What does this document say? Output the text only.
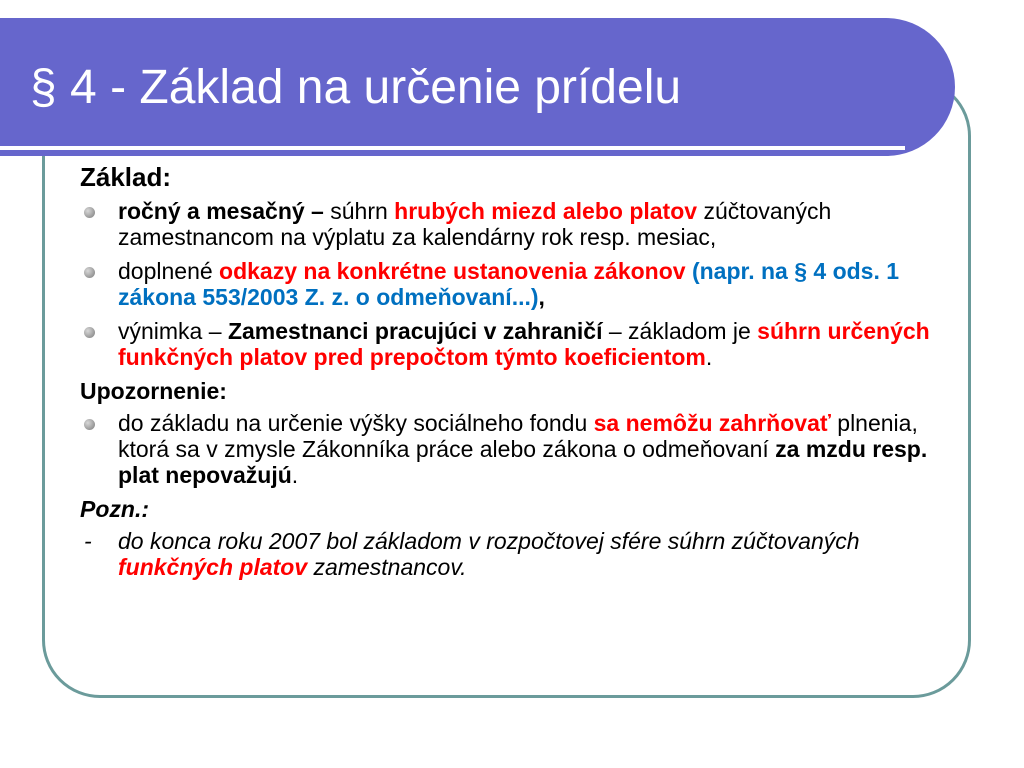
§ 4 - Základ na určenie prídelu
Základ:
ročný a mesačný – súhrn hrubých miezd alebo platov zúčtovaných zamestnancom na výplatu za kalendárny rok resp. mesiac,
doplnené odkazy na konkrétne ustanovenia zákonov (napr. na § 4 ods. 1 zákona 553/2003 Z. z. o odmeňovaní...),
výnimka – Zamestnanci pracujúci v zahraničí – základom je súhrn určených funkčných platov pred prepočtom týmto koeficientom.
Upozornenie:
do základu na určenie výšky sociálneho fondu sa nemôžu zahrňovať plnenia, ktorá sa v zmysle Zákonníka práce alebo zákona o odmeňovaní za mzdu resp. plat nepovažujú.
Pozn.:
- do konca roku 2007 bol základom v rozpočtovej sfére súhrn zúčtovaných funkčných platov zamestnancov.
